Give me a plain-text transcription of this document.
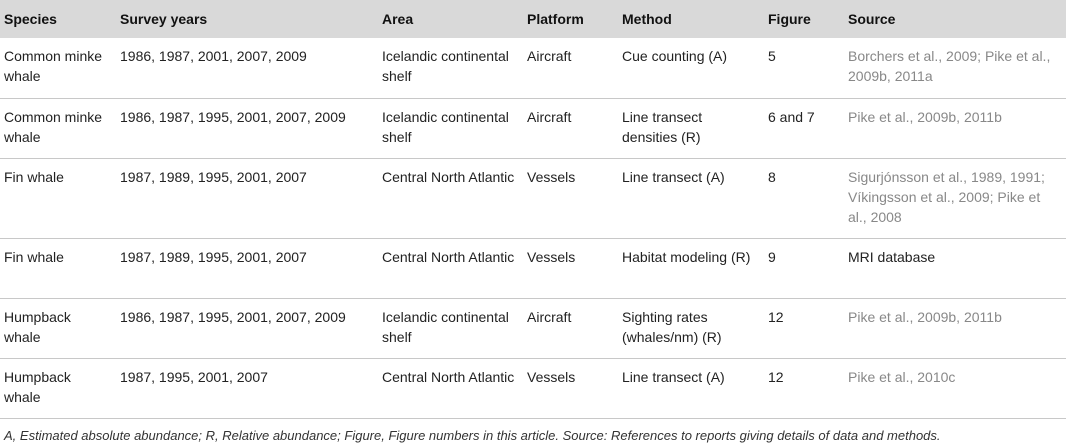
Species	Survey years	Area	Platform	Method	Figure	Source
Common minke whale	1986, 1987, 2001, 2007, 2009	Icelandic continental shelf	Aircraft	Cue counting (A)	5	Borchers et al., 2009; Pike et al., 2009b, 2011a
Common minke whale	1986, 1987, 1995, 2001, 2007, 2009	Icelandic continental shelf	Aircraft	Line transect densities (R)	6 and 7	Pike et al., 2009b, 2011b
Fin whale	1987, 1989, 1995, 2001, 2007	Central North Atlantic	Vessels	Line transect (A)	8	Sigurjónsson et al., 1989, 1991; Víkingsson et al., 2009; Pike et al., 2008
Fin whale	1987, 1989, 1995, 2001, 2007	Central North Atlantic	Vessels	Habitat modeling (R)	9	MRI database
Humpback whale	1986, 1987, 1995, 2001, 2007, 2009	Icelandic continental shelf	Aircraft	Sighting rates (whales/nm) (R)	12	Pike et al., 2009b, 2011b
Humpback whale	1987, 1995, 2001, 2007	Central North Atlantic	Vessels	Line transect (A)	12	Pike et al., 2010c
A, Estimated absolute abundance; R, Relative abundance; Figure, Figure numbers in this article. Source: References to reports giving details of data and methods.
